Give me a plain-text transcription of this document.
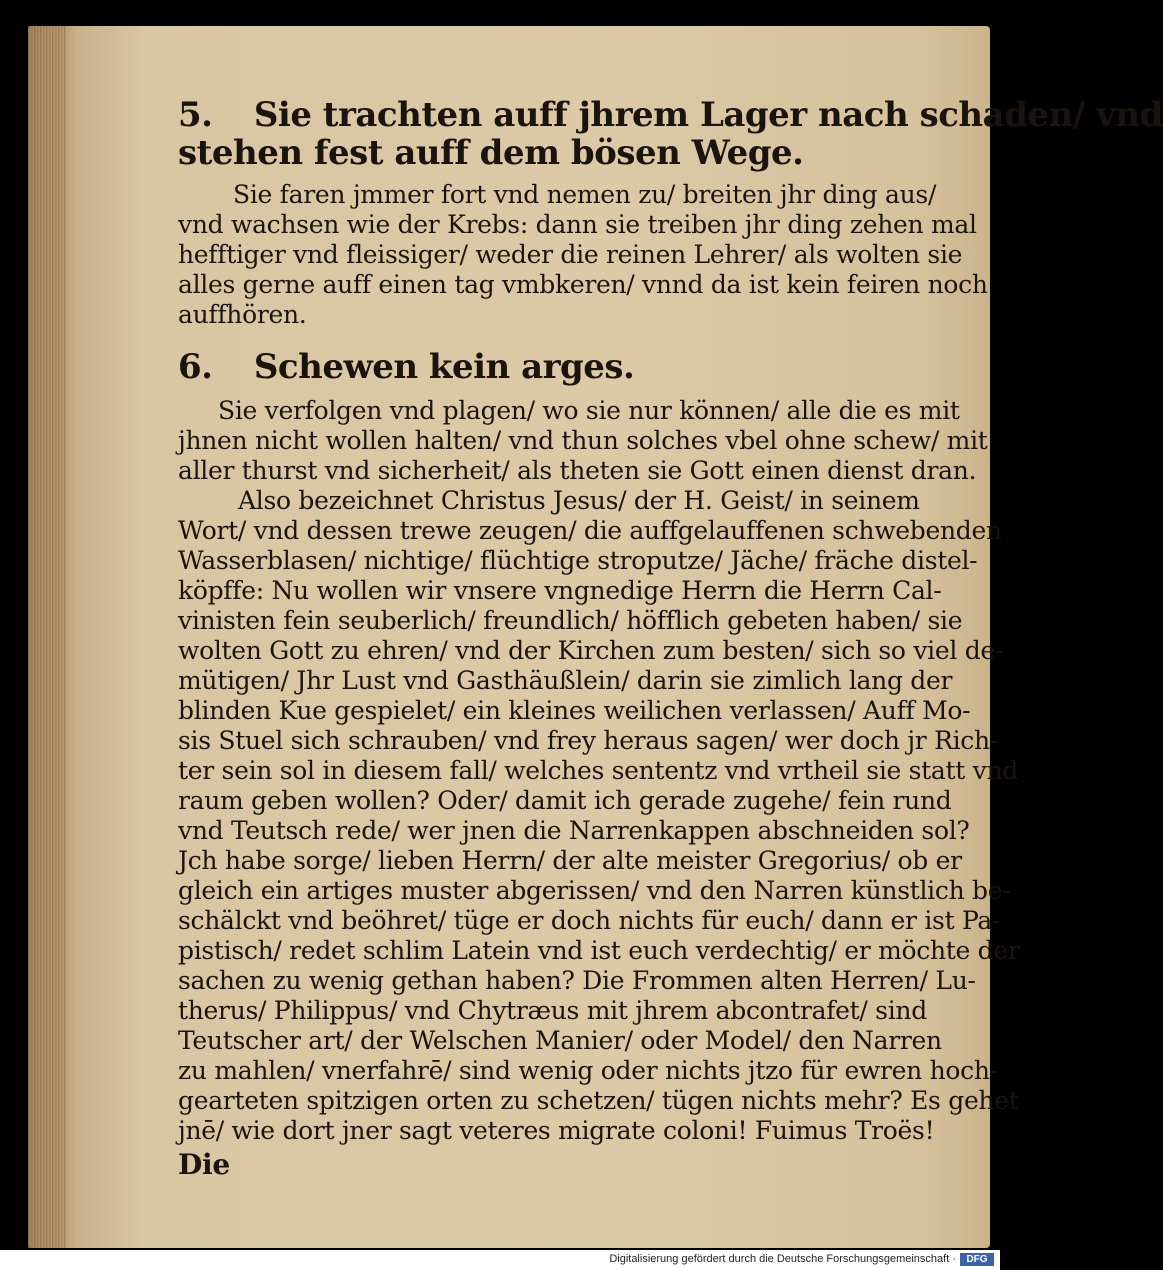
5. Sie trachten auff jhrem Lager nach schaden/ vnd
stehen fest auff dem bösen Wege.
Sie faren jmmer fort vnd nemen zu/ breiten jhr ding aus/
vnd wachsen wie der Krebs: dann sie treiben jhr ding zehen mal
hefftiger vnd fleissiger/ weder die reinen Lehrer/ als wolten sie
alles gerne auff einen tag vmbkeren/ vnnd da ist kein feiren noch
auffhören.
6. Schewen kein arges.
Sie verfolgen vnd plagen/ wo sie nur können/ alle die es mit
jhnen nicht wollen halten/ vnd thun solches vbel ohne schew/ mit
aller thurst vnd sicherheit/ als theten sie Gott einen dienst dran.
Also bezeichnet Christus Jesus/ der H. Geist/ in seinem
Wort/ vnd dessen trewe zeugen/ die auffgelauffenen schwebenden
Wasserblasen/ nichtige/ flüchtige stroputze/ Jäche/ fräche distel-
köpffe: Nu wollen wir vnsere vngnedige Herrn die Herrn Cal-
vinisten fein seuberlich/ freundlich/ höfflich gebeten haben/ sie
wolten Gott zu ehren/ vnd der Kirchen zum besten/ sich so viel de-
mütigen/ Jhr Lust vnd Gasthäußlein/ darin sie zimlich lang der
blinden Kue gespielet/ ein kleines weilichen verlassen/ Auff Mo-
sis Stuel sich schrauben/ vnd frey heraus sagen/ wer doch jr Rich-
ter sein sol in diesem fall/ welches sententz vnd vrtheil sie statt vnd
raum geben wollen? Oder/ damit ich gerade zugehe/ fein rund
vnd Teutsch rede/ wer jnen die Narrenkappen abschneiden sol?
Jch habe sorge/ lieben Herrn/ der alte meister Gregorius/ ob er
gleich ein artiges muster abgerissen/ vnd den Narren künstlich be-
schälckt vnd beöhret/ tüge er doch nichts für euch/ dann er ist Pa-
pistisch/ redet schlim Latein vnd ist euch verdechtig/ er möchte der
sachen zu wenig gethan haben? Die Frommen alten Herren/ Lu-
therus/ Philippus/ vnd Chytræus mit jhrem abcontrafet/ sind
Teutscher art/ der Welschen Manier/ oder Model/ den Narren
zu mahlen/ vnerfahrē/ sind wenig oder nichts jtzo für ewren hoch-
gearteten spitzigen orten zu schetzen/ tügen nichts mehr? Es gehet
jnē/ wie dort jner sagt veteres migrate coloni! Fuimus Troës!
Die
Digitalisierung gefördert durch die Deutsche Forschungsgemeinschaft ·	DFG
